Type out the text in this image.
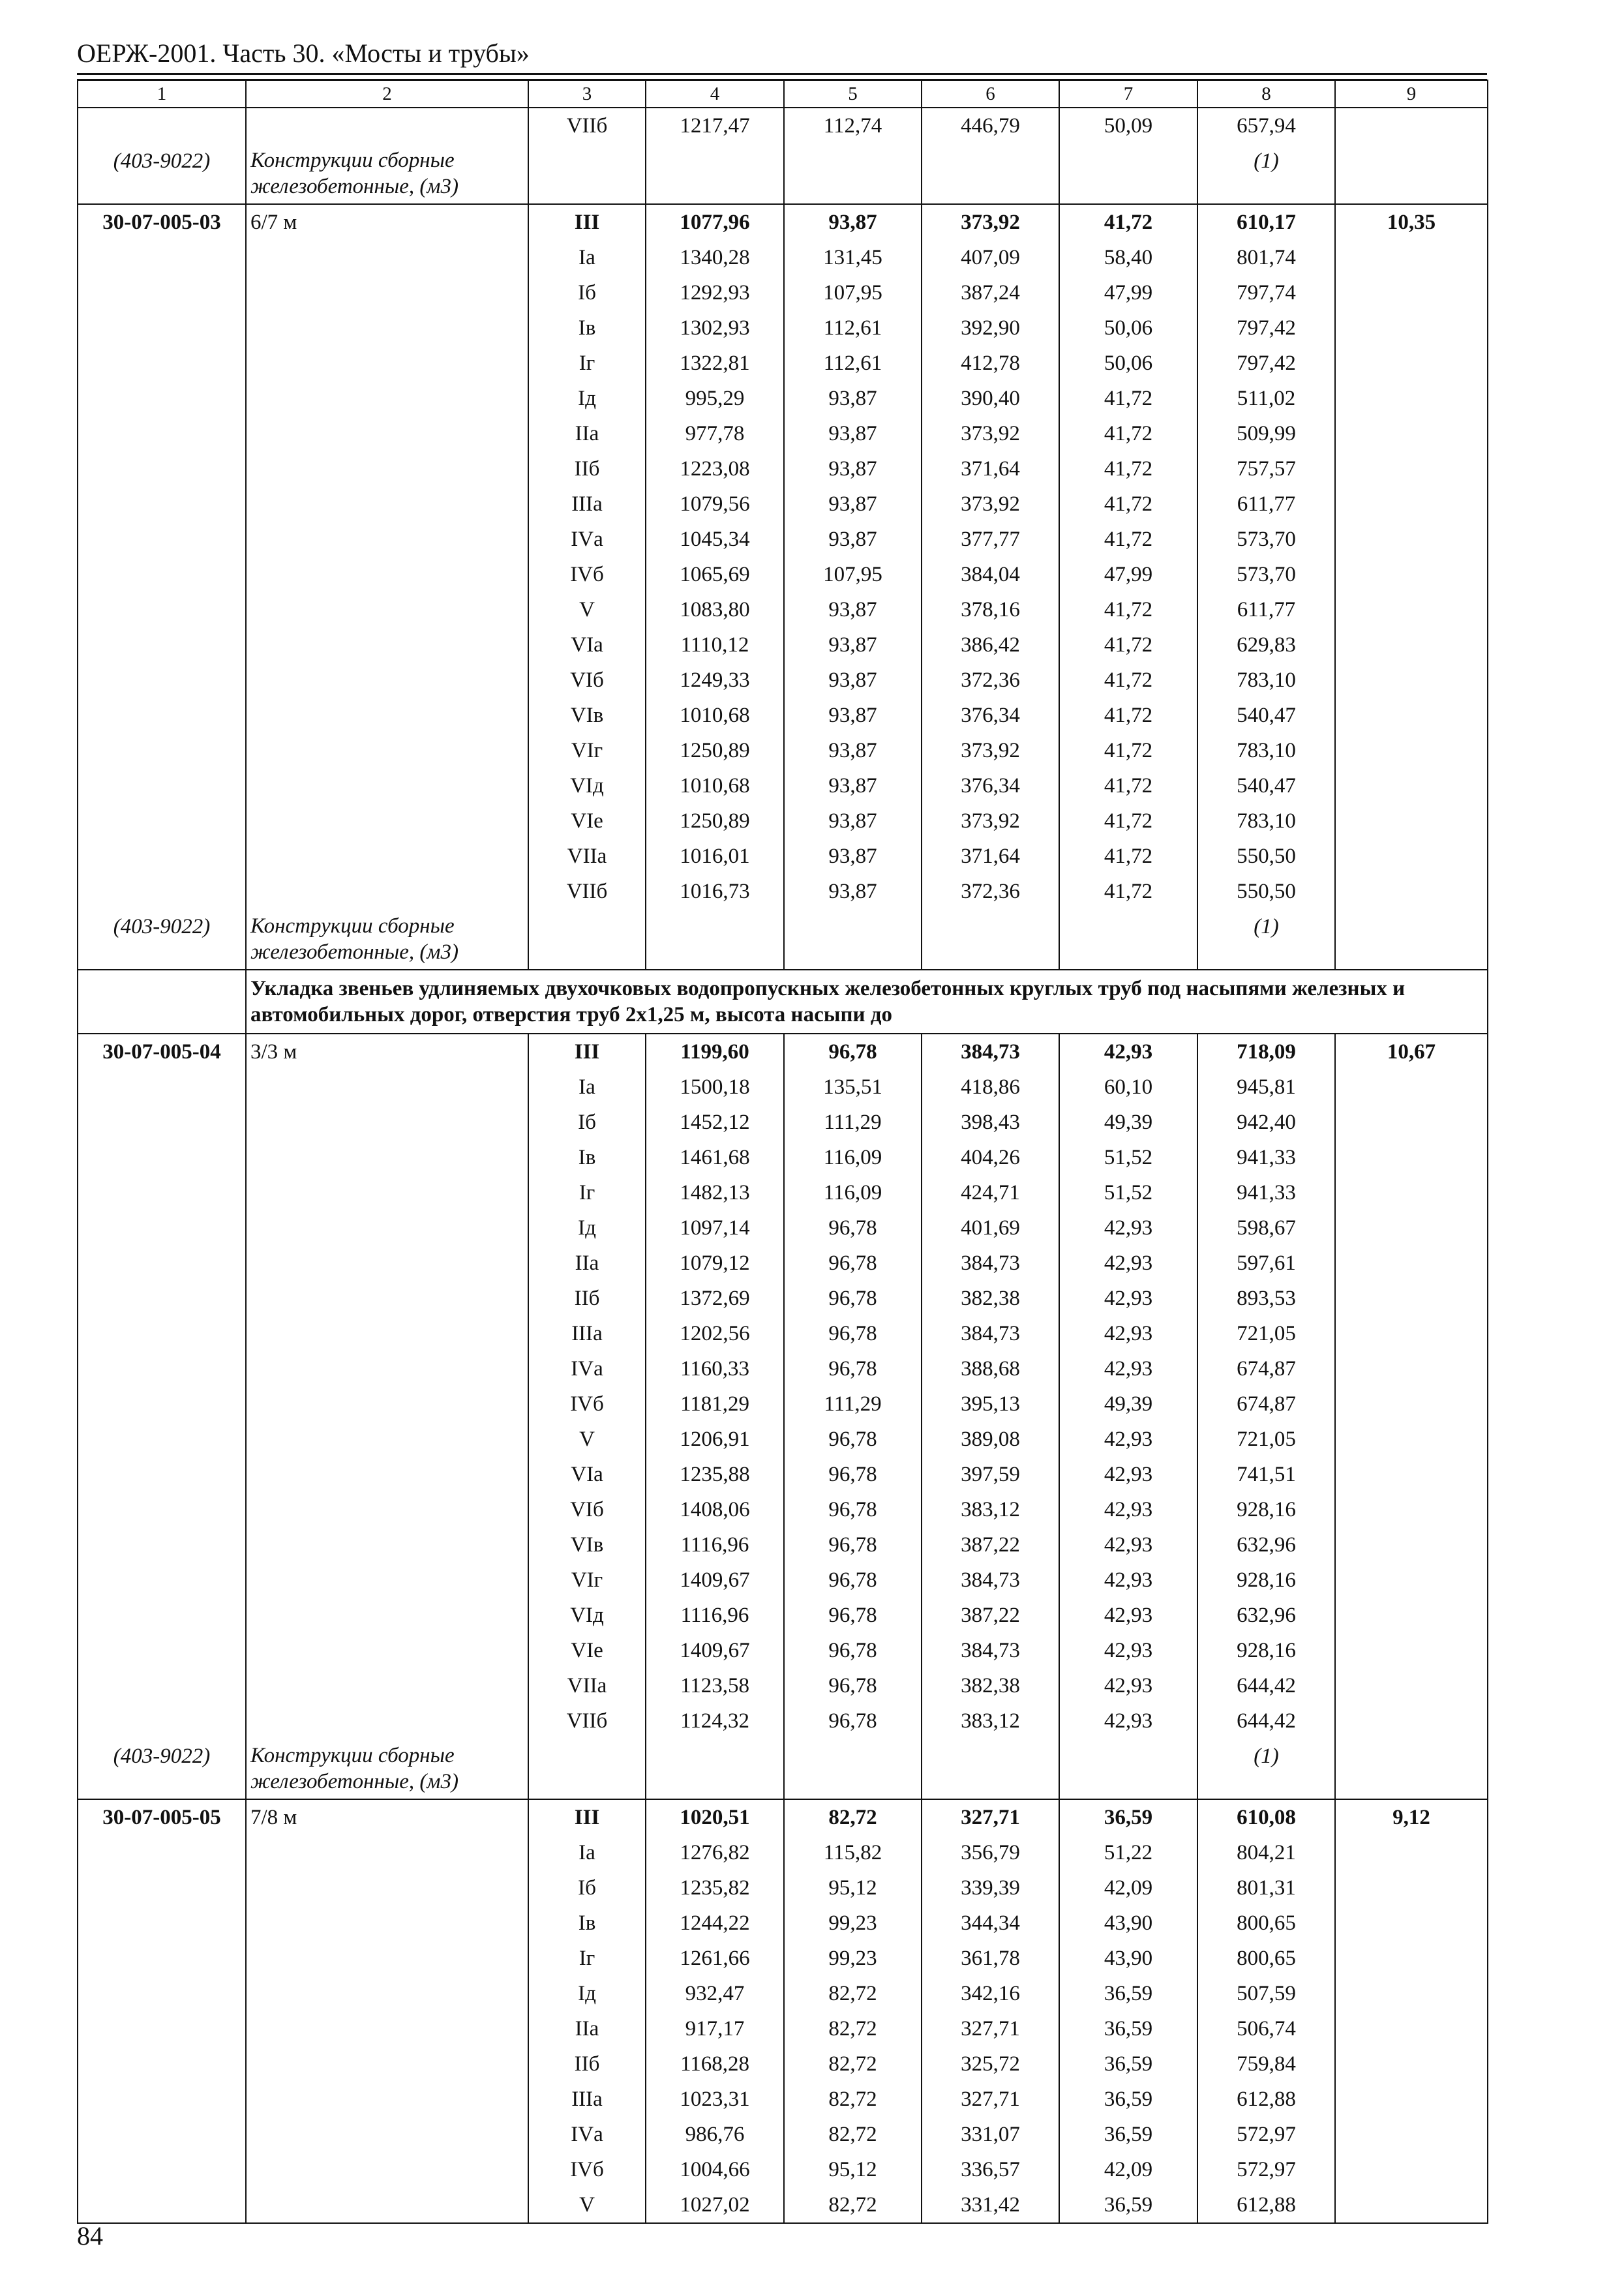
ОЕРЖ-2001. Часть 30. «Мосты и трубы»
1	2	3	4	5	6	7	8	9
		VIIб	1217,47	112,74	446,79	50,09	657,94	
(403-9022)	Конструкции сборные железобетонные, (м3)						(1)	
30-07-005-03	6/7 м	III	1077,96	93,87	373,92	41,72	610,17	10,35
		Iа	1340,28	131,45	407,09	58,40	801,74	
		Iб	1292,93	107,95	387,24	47,99	797,74	
		Iв	1302,93	112,61	392,90	50,06	797,42	
		Iг	1322,81	112,61	412,78	50,06	797,42	
		Iд	995,29	93,87	390,40	41,72	511,02	
		IIа	977,78	93,87	373,92	41,72	509,99	
		IIб	1223,08	93,87	371,64	41,72	757,57	
		IIIа	1079,56	93,87	373,92	41,72	611,77	
		IVа	1045,34	93,87	377,77	41,72	573,70	
		IVб	1065,69	107,95	384,04	47,99	573,70	
		V	1083,80	93,87	378,16	41,72	611,77	
		VIа	1110,12	93,87	386,42	41,72	629,83	
		VIб	1249,33	93,87	372,36	41,72	783,10	
		VIв	1010,68	93,87	376,34	41,72	540,47	
		VIг	1250,89	93,87	373,92	41,72	783,10	
		VIд	1010,68	93,87	376,34	41,72	540,47	
		VIе	1250,89	93,87	373,92	41,72	783,10	
		VIIа	1016,01	93,87	371,64	41,72	550,50	
		VIIб	1016,73	93,87	372,36	41,72	550,50	
(403-9022)	Конструкции сборные железобетонные, (м3)						(1)	
	Укладка звеньев удлиняемых двухочковых водопропускных железобетонных круглых труб под насыпями железных и автомобильных дорог, отверстия труб 2х1,25 м, высота насыпи до							
30-07-005-04	3/3 м	III	1199,60	96,78	384,73	42,93	718,09	10,67
		Iа	1500,18	135,51	418,86	60,10	945,81	
		Iб	1452,12	111,29	398,43	49,39	942,40	
		Iв	1461,68	116,09	404,26	51,52	941,33	
		Iг	1482,13	116,09	424,71	51,52	941,33	
		Iд	1097,14	96,78	401,69	42,93	598,67	
		IIа	1079,12	96,78	384,73	42,93	597,61	
		IIб	1372,69	96,78	382,38	42,93	893,53	
		IIIа	1202,56	96,78	384,73	42,93	721,05	
		IVа	1160,33	96,78	388,68	42,93	674,87	
		IVб	1181,29	111,29	395,13	49,39	674,87	
		V	1206,91	96,78	389,08	42,93	721,05	
		VIа	1235,88	96,78	397,59	42,93	741,51	
		VIб	1408,06	96,78	383,12	42,93	928,16	
		VIв	1116,96	96,78	387,22	42,93	632,96	
		VIг	1409,67	96,78	384,73	42,93	928,16	
		VIд	1116,96	96,78	387,22	42,93	632,96	
		VIе	1409,67	96,78	384,73	42,93	928,16	
		VIIа	1123,58	96,78	382,38	42,93	644,42	
		VIIб	1124,32	96,78	383,12	42,93	644,42	
(403-9022)	Конструкции сборные железобетонные, (м3)						(1)	
30-07-005-05	7/8 м	III	1020,51	82,72	327,71	36,59	610,08	9,12
		Iа	1276,82	115,82	356,79	51,22	804,21	
		Iб	1235,82	95,12	339,39	42,09	801,31	
		Iв	1244,22	99,23	344,34	43,90	800,65	
		Iг	1261,66	99,23	361,78	43,90	800,65	
		Iд	932,47	82,72	342,16	36,59	507,59	
		IIа	917,17	82,72	327,71	36,59	506,74	
		IIб	1168,28	82,72	325,72	36,59	759,84	
		IIIа	1023,31	82,72	327,71	36,59	612,88	
		IVа	986,76	82,72	331,07	36,59	572,97	
		IVб	1004,66	95,12	336,57	42,09	572,97	
		V	1027,02	82,72	331,42	36,59	612,88	
84
